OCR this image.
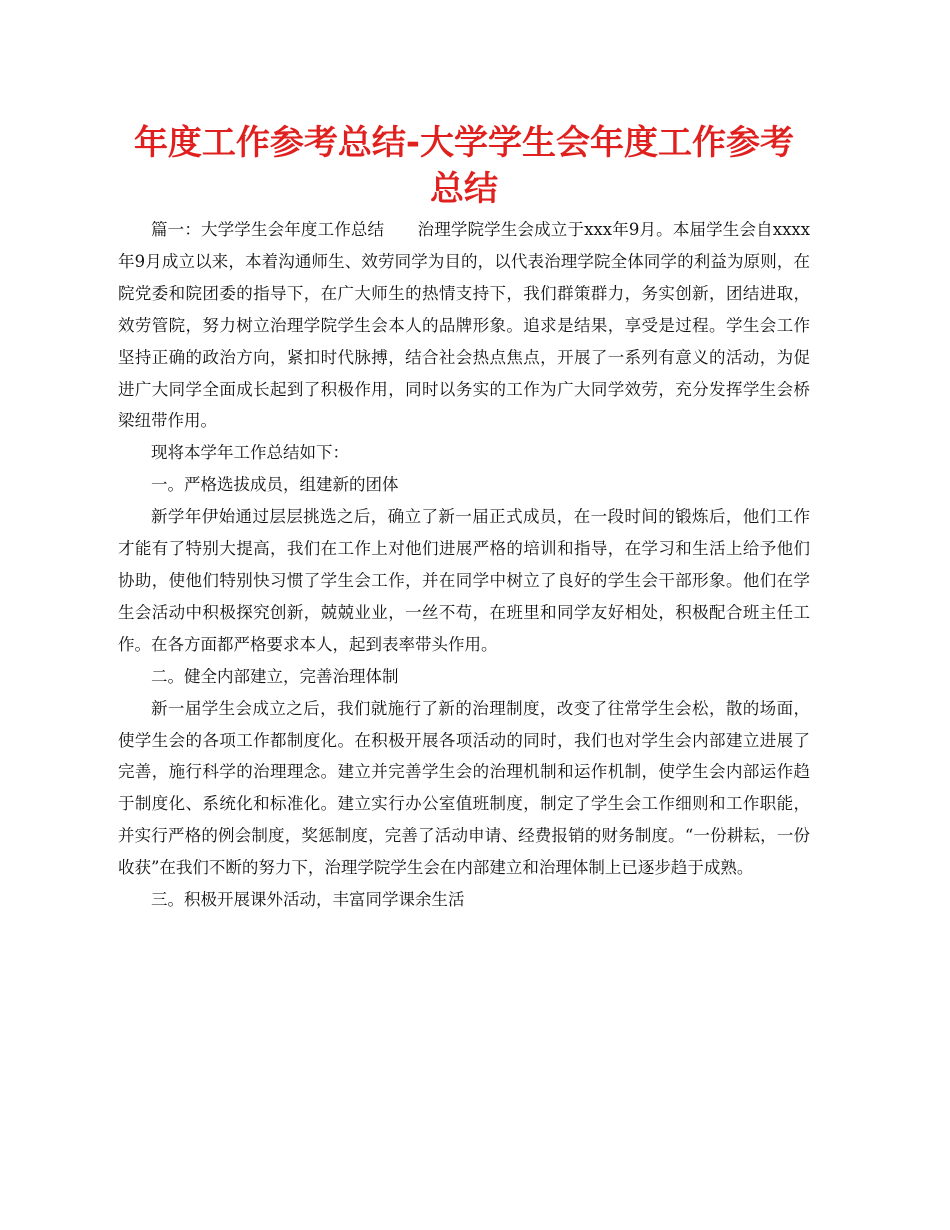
年度工作参考总结-大学学生会年度工作参考总结

篇一：大学学生会年度工作总结　　治理学院学生会成立于xxx年9月。本届学生会自xxxx年9月成立以来，本着沟通师生、效劳同学为目的，以代表治理学院全体同学的利益为原则，在院党委和院团委的指导下，在广大师生的热情支持下，我们群策群力，务实创新，团结进取，效劳管院，努力树立治理学院学生会本人的品牌形象。追求是结果，享受是过程。学生会工作坚持正确的政治方向，紧扣时代脉搏，结合社会热点焦点，开展了一系列有意义的活动，为促进广大同学全面成长起到了积极作用，同时以务实的工作为广大同学效劳，充分发挥学生会桥梁纽带作用。

现将本学年工作总结如下：

一。严格选拔成员，组建新的团体

新学年伊始通过层层挑选之后，确立了新一届正式成员，在一段时间的锻炼后，他们工作才能有了特别大提高，我们在工作上对他们进展严格的培训和指导，在学习和生活上给予他们协助，使他们特别快习惯了学生会工作，并在同学中树立了良好的学生会干部形象。他们在学生会活动中积极探究创新，兢兢业业，一丝不苟，在班里和同学友好相处，积极配合班主任工作。在各方面都严格要求本人，起到表率带头作用。

二。健全内部建立，完善治理体制

新一届学生会成立之后，我们就施行了新的治理制度，改变了往常学生会松，散的场面，使学生会的各项工作都制度化。在积极开展各项活动的同时，我们也对学生会内部建立进展了完善，施行科学的治理理念。建立并完善学生会的治理机制和运作机制，使学生会内部运作趋于制度化、系统化和标准化。建立实行办公室值班制度，制定了学生会工作细则和工作职能，并实行严格的例会制度，奖惩制度，完善了活动申请、经费报销的财务制度。“一份耕耘，一份收获”在我们不断的努力下，治理学院学生会在内部建立和治理体制上已逐步趋于成熟。

三。积极开展课外活动，丰富同学课余生活
